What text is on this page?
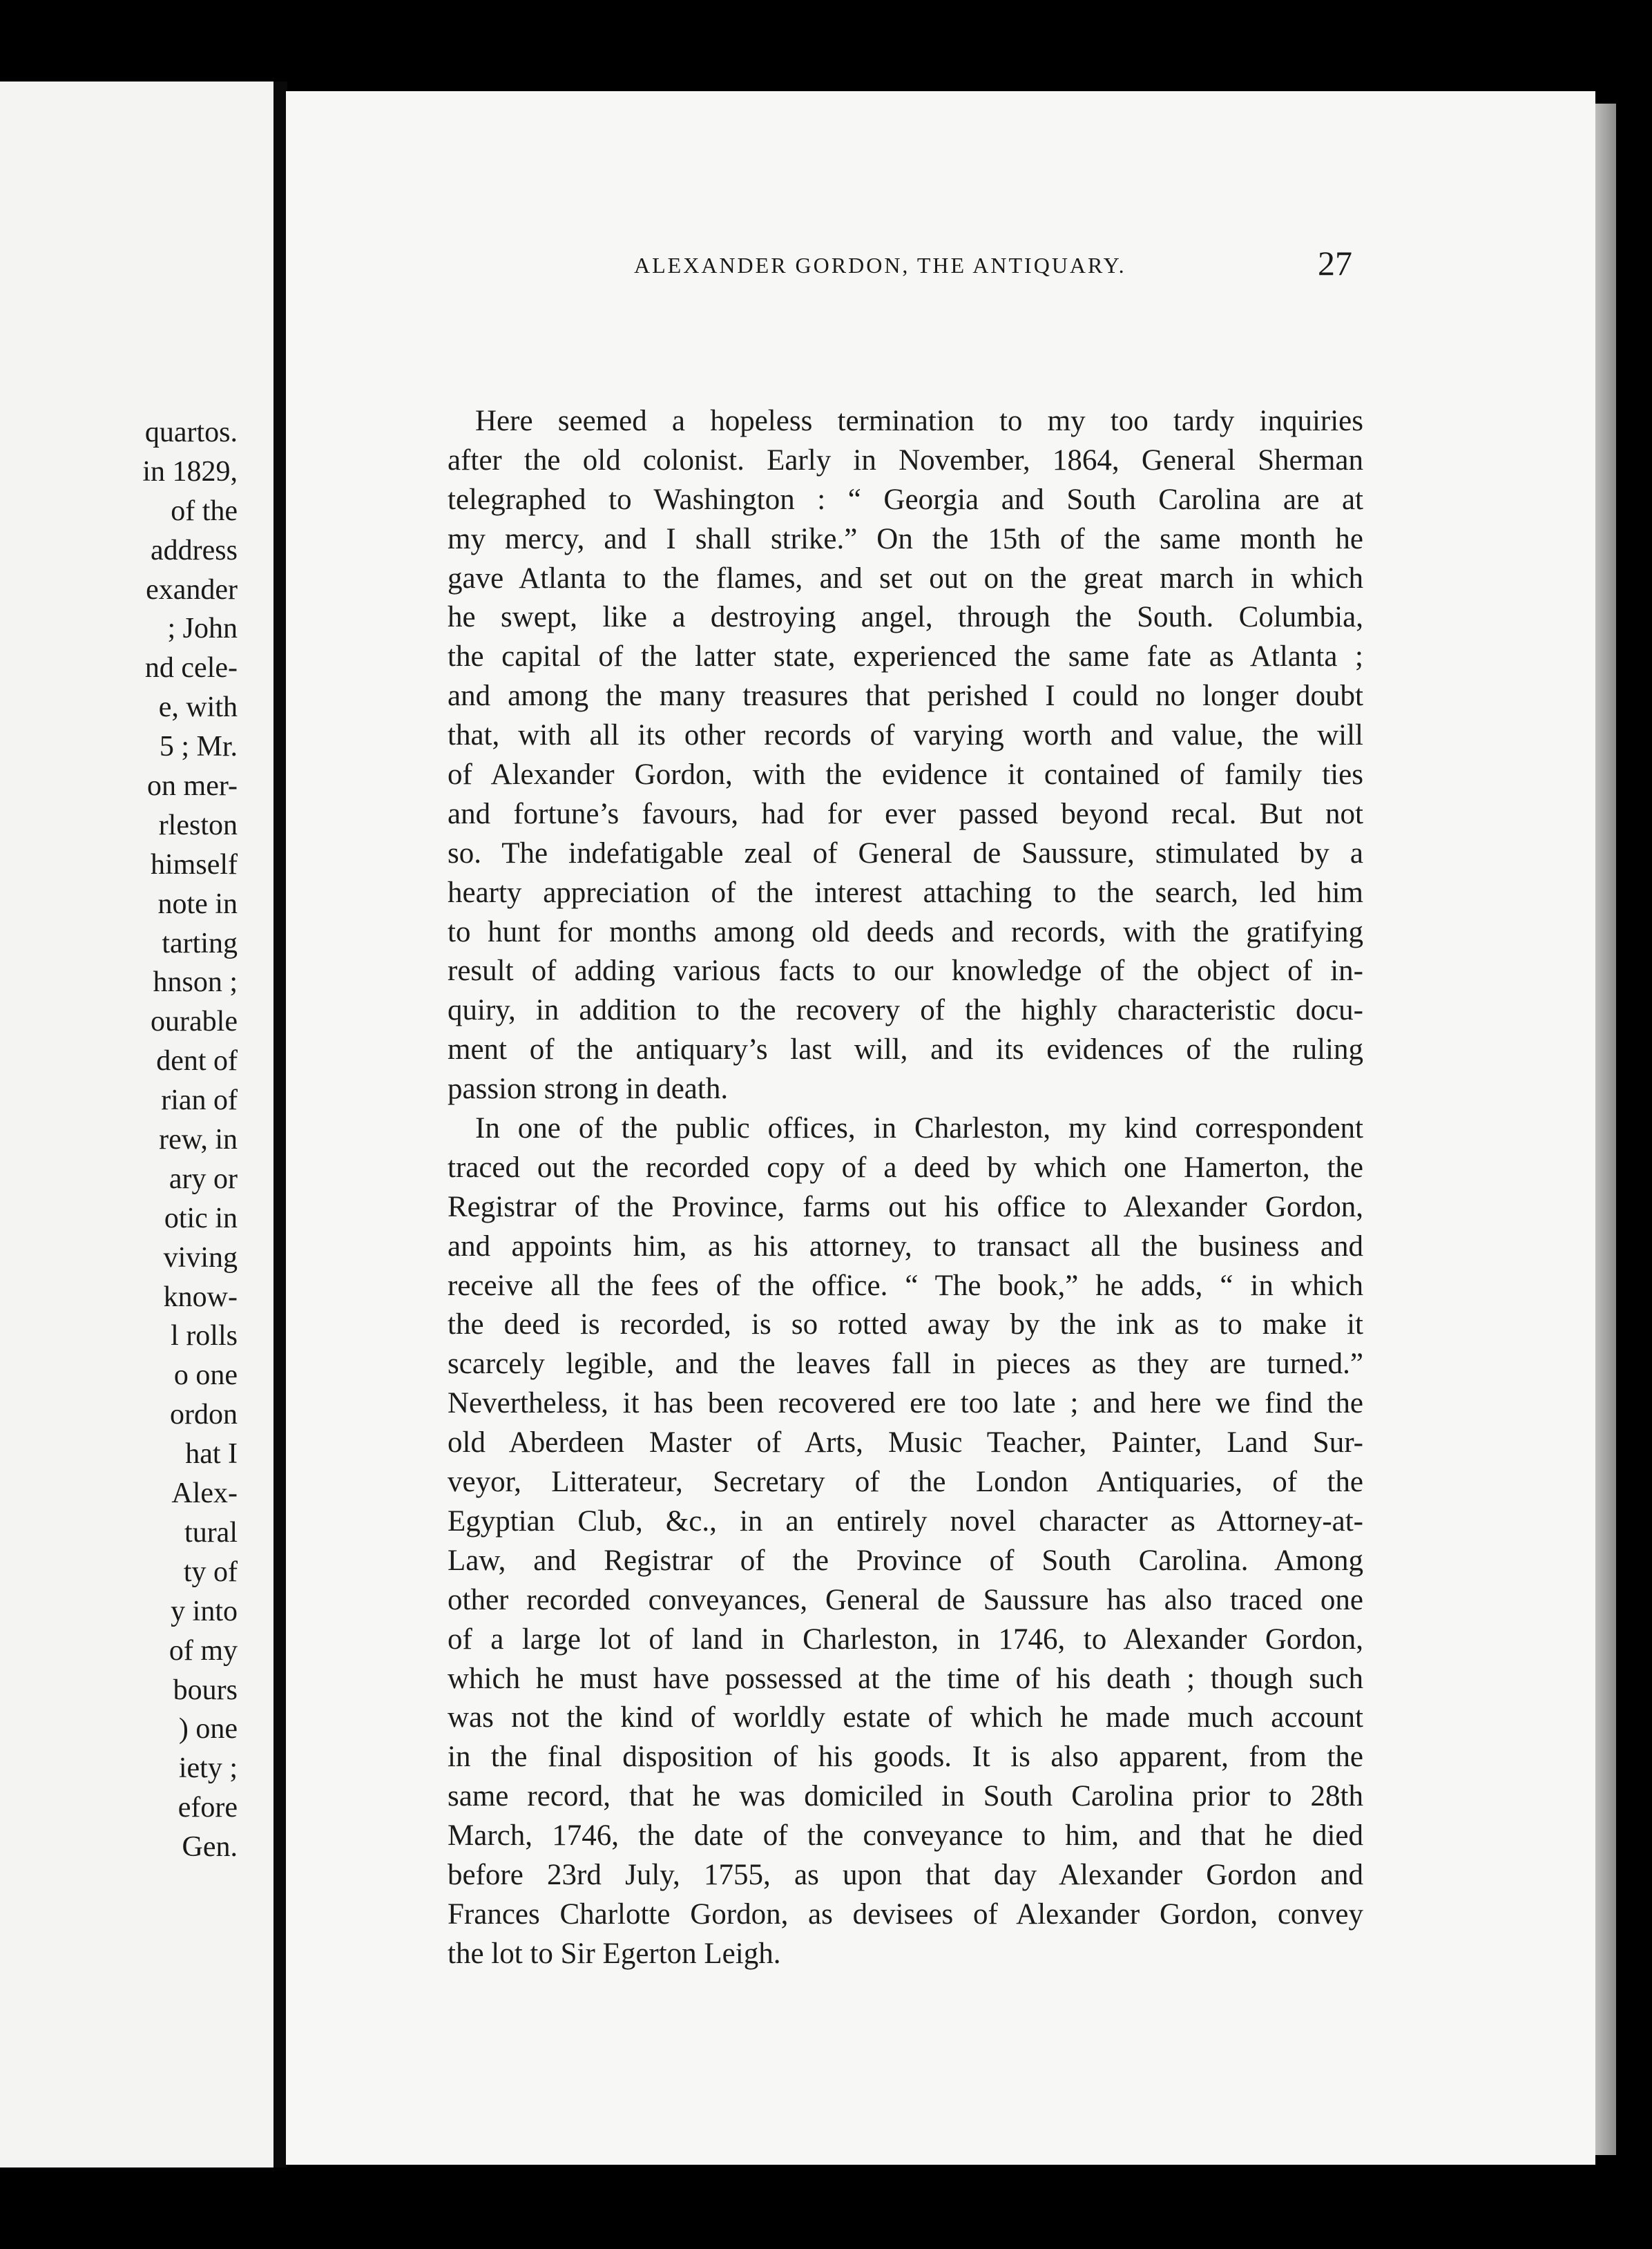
quartos.
in 1829,
of the
address
exander
; John
nd cele-
e, with
5 ; Mr.
on mer-
rleston
himself
note in
tarting
hnson ;
ourable
dent of
rian of
rew, in
ary or
otic in
viving
know-
l rolls
o one
ordon
hat I
Alex-
tural
ty of
y into
of my
bours
) one
iety ;
efore
Gen.
ALEXANDER GORDON, THE ANTIQUARY.	27
Here seemed a hopeless termination to my too tardy inquiries
after the old colonist. Early in November, 1864, General Sherman
telegraphed to Washington : “ Georgia and South Carolina are at
my mercy, and I shall strike.” On the 15th of the same month he
gave Atlanta to the flames, and set out on the great march in which
he swept, like a destroying angel, through the South. Columbia,
the capital of the latter state, experienced the same fate as Atlanta ;
and among the many treasures that perished I could no longer doubt
that, with all its other records of varying worth and value, the will
of Alexander Gordon, with the evidence it contained of family ties
and fortune’s favours, had for ever passed beyond recal. But not
so. The indefatigable zeal of General de Saussure, stimulated by a
hearty appreciation of the interest attaching to the search, led him
to hunt for months among old deeds and records, with the gratifying
result of adding various facts to our knowledge of the object of in-
quiry, in addition to the recovery of the highly characteristic docu-
ment of the antiquary’s last will, and its evidences of the ruling
passion strong in death.
In one of the public offices, in Charleston, my kind correspondent
traced out the recorded copy of a deed by which one Hamerton, the
Registrar of the Province, farms out his office to Alexander Gordon,
and appoints him, as his attorney, to transact all the business and
receive all the fees of the office. “ The book,” he adds, “ in which
the deed is recorded, is so rotted away by the ink as to make it
scarcely legible, and the leaves fall in pieces as they are turned.”
Nevertheless, it has been recovered ere too late ; and here we find the
old Aberdeen Master of Arts, Music Teacher, Painter, Land Sur-
veyor, Litterateur, Secretary of the London Antiquaries, of the
Egyptian Club, &c., in an entirely novel character as Attorney-at-
Law, and Registrar of the Province of South Carolina. Among
other recorded conveyances, General de Saussure has also traced one
of a large lot of land in Charleston, in 1746, to Alexander Gordon,
which he must have possessed at the time of his death ; though such
was not the kind of worldly estate of which he made much account
in the final disposition of his goods. It is also apparent, from the
same record, that he was domiciled in South Carolina prior to 28th
March, 1746, the date of the conveyance to him, and that he died
before 23rd July, 1755, as upon that day Alexander Gordon and
Frances Charlotte Gordon, as devisees of Alexander Gordon, convey
the lot to Sir Egerton Leigh.
